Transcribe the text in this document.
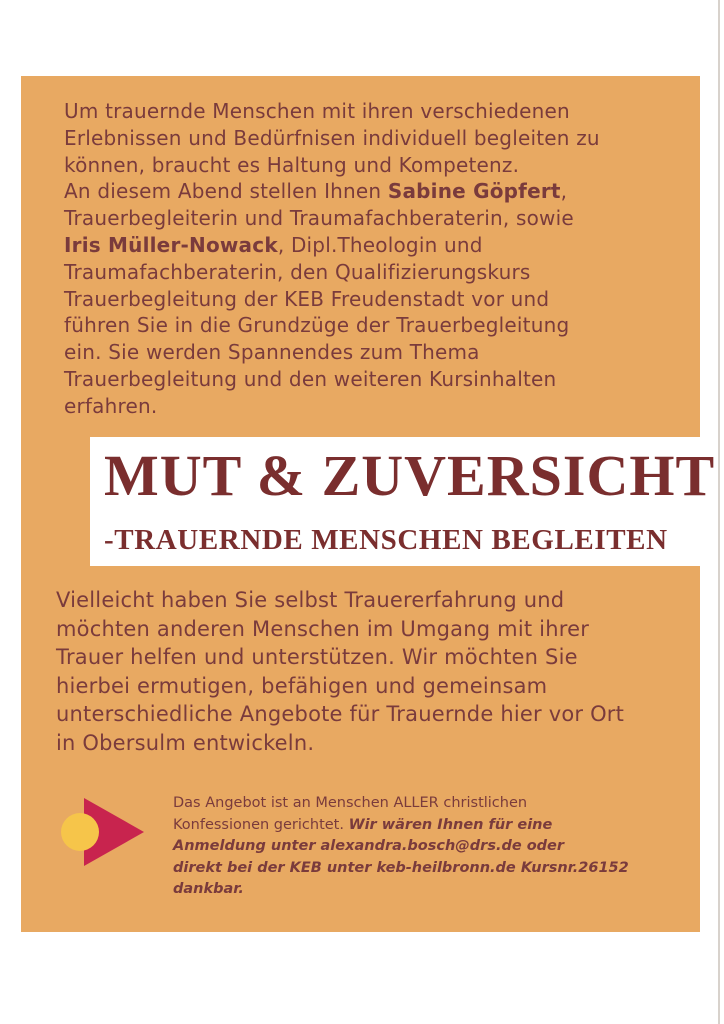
Um trauernde Menschen mit ihren verschiedenen
Erlebnissen und Bedürfnisen individuell begleiten zu
können, braucht es Haltung und Kompetenz.
An diesem Abend stellen Ihnen Sabine Göpfert,
Trauerbegleiterin und Traumafachberaterin, sowie
Iris Müller-Nowack, Dipl.Theologin und
Traumafachberaterin, den Qualifizierungskurs
Trauerbegleitung der KEB Freudenstadt vor und
führen Sie in die Grundzüge der Trauerbegleitung
ein. Sie werden Spannendes zum Thema
Trauerbegleitung und den weiteren Kursinhalten
erfahren.
MUT & ZUVERSICHT
-TRAUERNDE MENSCHEN BEGLEITEN
Vielleicht haben Sie selbst Trauererfahrung und
möchten anderen Menschen im Umgang mit ihrer
Trauer helfen und unterstützen. Wir möchten Sie
hierbei ermutigen, befähigen und gemeinsam
unterschiedliche Angebote für Trauernde hier vor Ort
in Obersulm entwickeln.
Das Angebot ist an Menschen ALLER christlichen
Konfessionen gerichtet. Wir wären Ihnen für eine
Anmeldung unter alexandra.bosch@drs.de oder
direkt bei der KEB unter keb-heilbronn.de Kursnr.26152
dankbar.
